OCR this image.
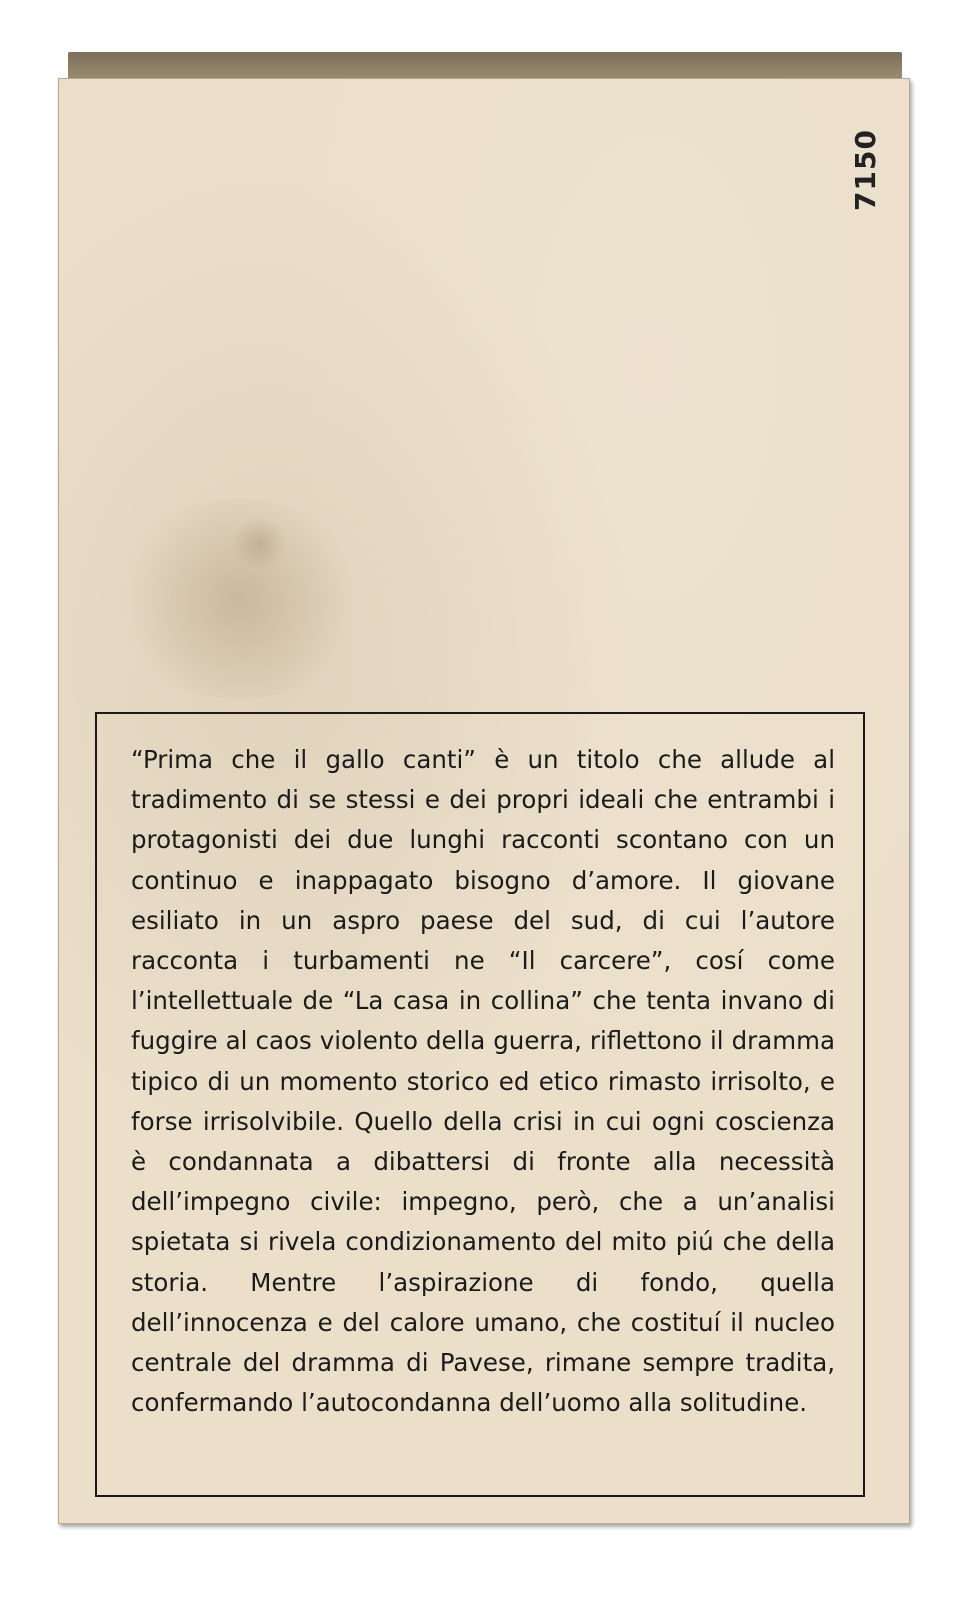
7150

“Prima che il gallo canti” è un titolo che allude al tradimento di se stessi e dei propri ideali che entrambi i protagonisti dei due lunghi racconti scontano con un continuo e inappagato bisogno d’amore. Il giovane esiliato in un aspro paese del sud, di cui l’autore racconta i turbamenti ne “Il carcere”, cosí come l’intellettuale de “La casa in collina” che tenta invano di fuggire al caos violento della guerra, riflettono il dramma tipico di un momento storico ed etico rimasto irrisolto, e forse irrisolvibile. Quello della crisi in cui ogni coscienza è condannata a dibattersi di fronte alla necessità dell’impegno civile: impegno, però, che a un’analisi spietata si rivela condizionamento del mito piú che della storia. Mentre l’aspirazione di fondo, quella dell’innocenza e del calore umano, che costituí il nucleo centrale del dramma di Pavese, rimane sempre tradita, confermando l’autocondanna dell’uomo alla solitudine.
